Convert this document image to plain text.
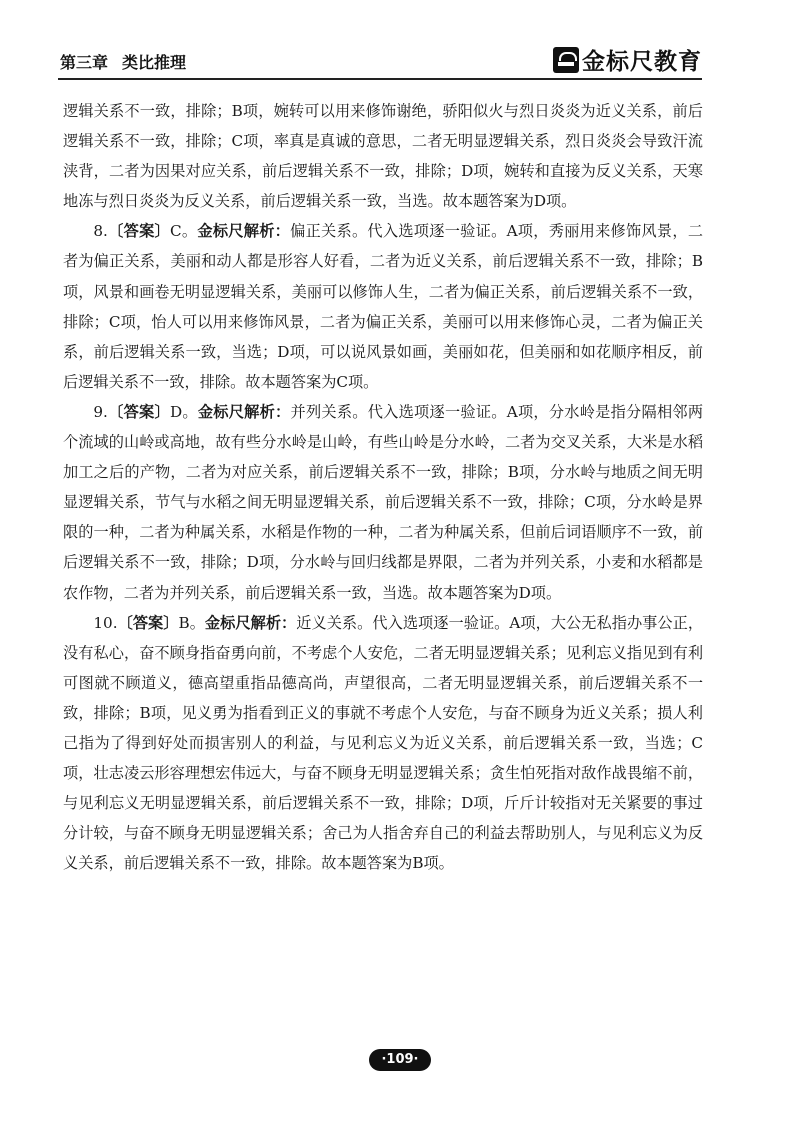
第三章 类比推理	金标尺教育

逻辑关系不一致，排除；B项，婉转可以用来修饰谢绝，骄阳似火与烈日炎炎为近义关系，前后逻辑关系不一致，排除；C项，率真是真诚的意思，二者无明显逻辑关系，烈日炎炎会导致汗流浃背，二者为因果对应关系，前后逻辑关系不一致，排除；D项，婉转和直接为反义关系，天寒地冻与烈日炎炎为反义关系，前后逻辑关系一致，当选。故本题答案为D项。

8.〔答案〕C。金标尺解析：偏正关系。代入选项逐一验证。A项，秀丽用来修饰风景，二者为偏正关系，美丽和动人都是形容人好看，二者为近义关系，前后逻辑关系不一致，排除；B项，风景和画卷无明显逻辑关系，美丽可以修饰人生，二者为偏正关系，前后逻辑关系不一致，排除；C项，怡人可以用来修饰风景，二者为偏正关系，美丽可以用来修饰心灵，二者为偏正关系，前后逻辑关系一致，当选；D项，可以说风景如画，美丽如花，但美丽和如花顺序相反，前后逻辑关系不一致，排除。故本题答案为C项。

9.〔答案〕D。金标尺解析：并列关系。代入选项逐一验证。A项，分水岭是指分隔相邻两个流域的山岭或高地，故有些分水岭是山岭，有些山岭是分水岭，二者为交叉关系，大米是水稻加工之后的产物，二者为对应关系，前后逻辑关系不一致，排除；B项，分水岭与地质之间无明显逻辑关系，节气与水稻之间无明显逻辑关系，前后逻辑关系不一致，排除；C项，分水岭是界限的一种，二者为种属关系，水稻是作物的一种，二者为种属关系，但前后词语顺序不一致，前后逻辑关系不一致，排除；D项，分水岭与回归线都是界限，二者为并列关系，小麦和水稻都是农作物，二者为并列关系，前后逻辑关系一致，当选。故本题答案为D项。

10.〔答案〕B。金标尺解析：近义关系。代入选项逐一验证。A项，大公无私指办事公正，没有私心，奋不顾身指奋勇向前，不考虑个人安危，二者无明显逻辑关系；见利忘义指见到有利可图就不顾道义，德高望重指品德高尚，声望很高，二者无明显逻辑关系，前后逻辑关系不一致，排除；B项，见义勇为指看到正义的事就不考虑个人安危，与奋不顾身为近义关系；损人利己指为了得到好处而损害别人的利益，与见利忘义为近义关系，前后逻辑关系一致，当选；C项，壮志凌云形容理想宏伟远大，与奋不顾身无明显逻辑关系；贪生怕死指对敌作战畏缩不前，与见利忘义无明显逻辑关系，前后逻辑关系不一致，排除；D项，斤斤计较指对无关紧要的事过分计较，与奋不顾身无明显逻辑关系；舍己为人指舍弃自己的利益去帮助别人，与见利忘义为反义关系，前后逻辑关系不一致，排除。故本题答案为B项。

·109·
